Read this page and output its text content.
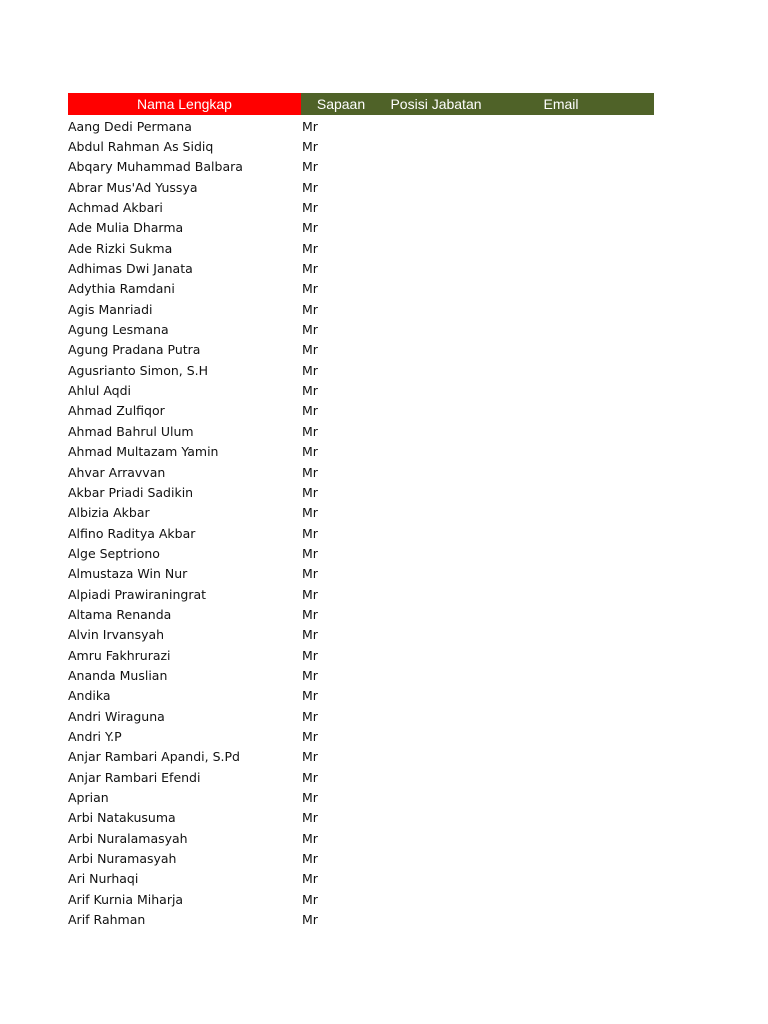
Nama Lengkap	Sapaan	Posisi Jabatan	Email
Aang Dedi Permana	Mr
Abdul Rahman As Sidiq	Mr
Abqary Muhammad Balbara	Mr
Abrar Mus'Ad Yussya	Mr
Achmad Akbari	Mr
Ade Mulia Dharma	Mr
Ade Rizki Sukma	Mr
Adhimas Dwi Janata	Mr
Adythia Ramdani	Mr
Agis Manriadi	Mr
Agung Lesmana	Mr
Agung Pradana Putra	Mr
Agusrianto Simon, S.H	Mr
Ahlul Aqdi	Mr
Ahmad Zulfiqor	Mr
Ahmad Bahrul Ulum	Mr
Ahmad Multazam Yamin	Mr
Ahvar Arravvan	Mr
Akbar Priadi Sadikin	Mr
Albizia Akbar	Mr
Alfino Raditya Akbar	Mr
Alge Septriono	Mr
Almustaza Win Nur	Mr
Alpiadi Prawiraningrat	Mr
Altama Renanda	Mr
Alvin Irvansyah	Mr
Amru Fakhrurazi	Mr
Ananda Muslian	Mr
Andika	Mr
Andri Wiraguna	Mr
Andri Y.P	Mr
Anjar Rambari Apandi, S.Pd	Mr
Anjar Rambari Efendi	Mr
Aprian	Mr
Arbi Natakusuma	Mr
Arbi Nuralamasyah	Mr
Arbi Nuramasyah	Mr
Ari Nurhaqi	Mr
Arif Kurnia Miharja	Mr
Arif Rahman	Mr
